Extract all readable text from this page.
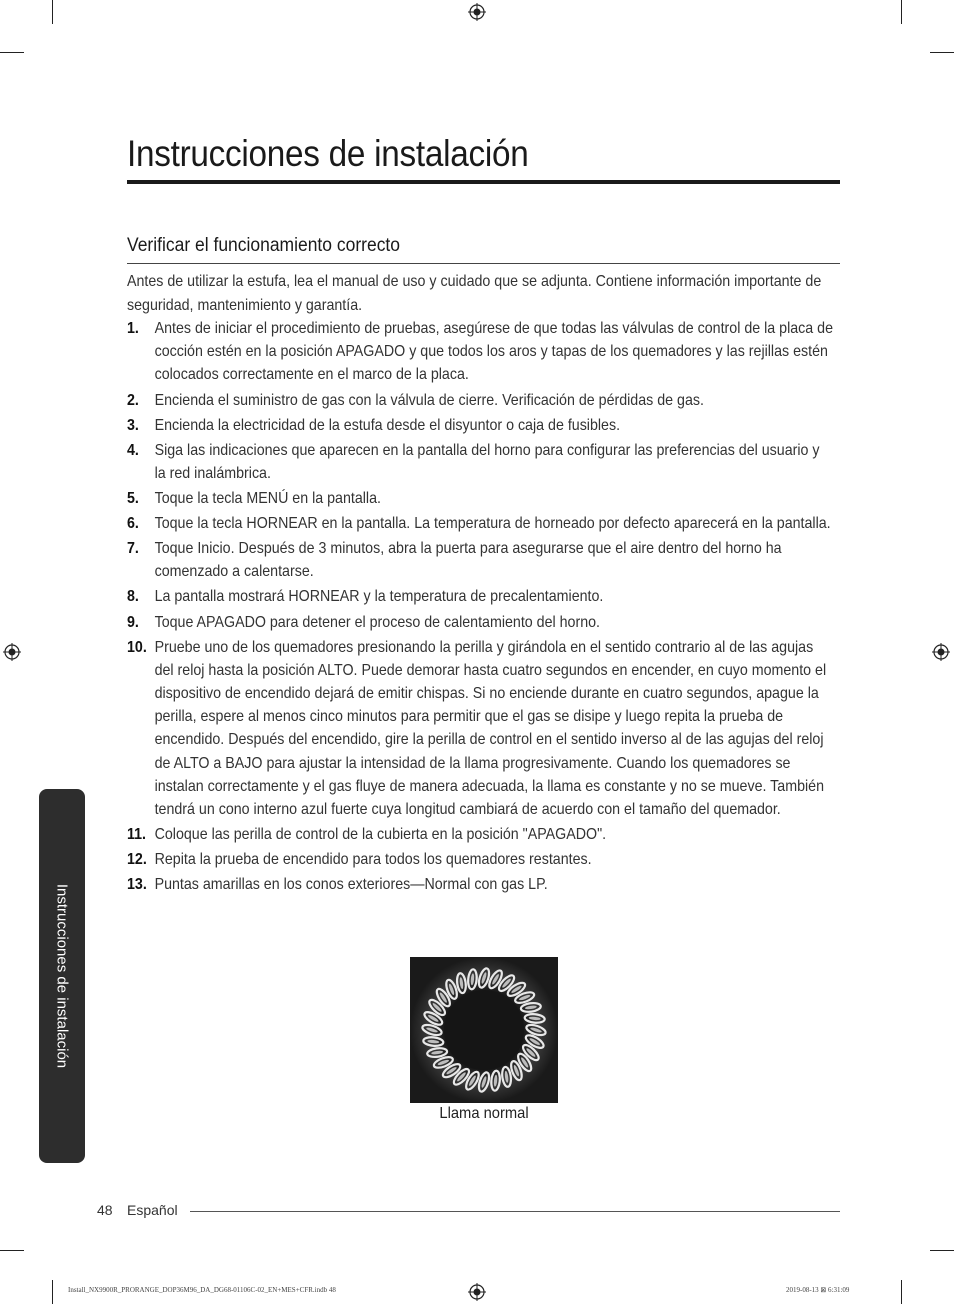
Instrucciones de instalación
Verificar el funcionamiento correcto

Antes de utilizar la estufa, lea el manual de uso y cuidado que se adjunta. Contiene información importante de seguridad, mantenimiento y garantía.

1. Antes de iniciar el procedimiento de pruebas, asegúrese de que todas las válvulas de control de la placa de cocción estén en la posición APAGADO y que todos los aros y tapas de los quemadores y las rejillas estén colocados correctamente en el marco de la placa.
2. Encienda el suministro de gas con la válvula de cierre. Verificación de pérdidas de gas.
3. Encienda la electricidad de la estufa desde el disyuntor o caja de fusibles.
4. Siga las indicaciones que aparecen en la pantalla del horno para configurar las preferencias del usuario y la red inalámbrica.
5. Toque la tecla MENÚ en la pantalla.
6. Toque la tecla HORNEAR en la pantalla. La temperatura de horneado por defecto aparecerá en la pantalla.
7. Toque Inicio. Después de 3 minutos, abra la puerta para asegurarse que el aire dentro del horno ha comenzado a calentarse.
8. La pantalla mostrará HORNEAR y la temperatura de precalentamiento.
9. Toque APAGADO para detener el proceso de calentamiento del horno.
10. Pruebe uno de los quemadores presionando la perilla y girándola en el sentido contrario al de las agujas del reloj hasta la posición ALTO. Puede demorar hasta cuatro segundos en encender, en cuyo momento el dispositivo de encendido dejará de emitir chispas. Si no enciende durante en cuatro segundos, apague la perilla, espere al menos cinco minutos para permitir que el gas se disipe y luego repita la prueba de encendido. Después del encendido, gire la perilla de control en el sentido inverso al de las agujas del reloj de ALTO a BAJO para ajustar la intensidad de la llama progresivamente. Cuando los quemadores se instalan correctamente y el gas fluye de manera adecuada, la llama es constante y no se mueve. También tendrá un cono interno azul fuerte cuya longitud cambiará de acuerdo con el tamaño del quemador.
11. Coloque las perilla de control de la cubierta en la posición "APAGADO".
12. Repita la prueba de encendido para todos los quemadores restantes.
13. Puntas amarillas en los conos exteriores—Normal con gas LP.
Llama normal
Instrucciones de instalación
48 Español
Install_NX9900R_PRORANGE_DOP36M96_DA_DG68-01106C-02_EN+MES+CFR.indb 48	2019-08-13 ⊠ 6:31:09
